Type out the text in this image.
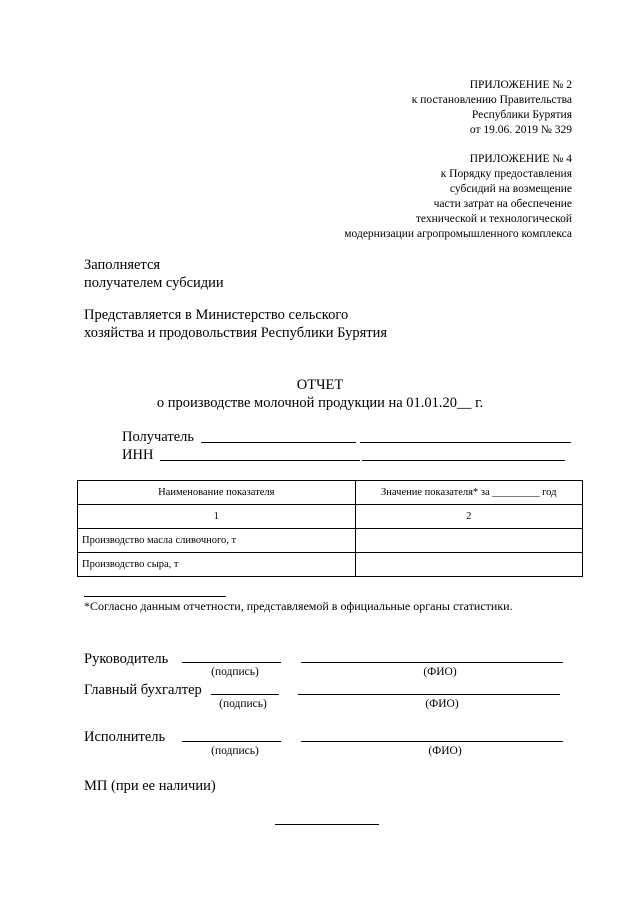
ПРИЛОЖЕНИЕ № 2
к постановлению Правительства
Республики Бурятия
от 19.06. 2019 № 329
ПРИЛОЖЕНИЕ № 4
к Порядку предоставления
субсидий на возмещение
части затрат на обеспечение
технической и технологической
модернизации агропромышленного комплекса
Заполняется
получателем субсидии
Представляется в Министерство сельского
хозяйства и продовольствия Республики Бурятия
ОТЧЕТ
о производстве молочной продукции на 01.01.20__ г.
Получатель
ИНН
Наименование показателя	Значение показателя* за _________ год
1	2
Производство масла сливочного, т	
Производство сыра, т	
*Согласно данным отчетности, представляемой в официальные органы статистики.
Руководитель
(подпись)	(ФИО)
Главный бухгалтер
(подпись)	(ФИО)
Исполнитель
(подпись)	(ФИО)
МП (при ее наличии)
